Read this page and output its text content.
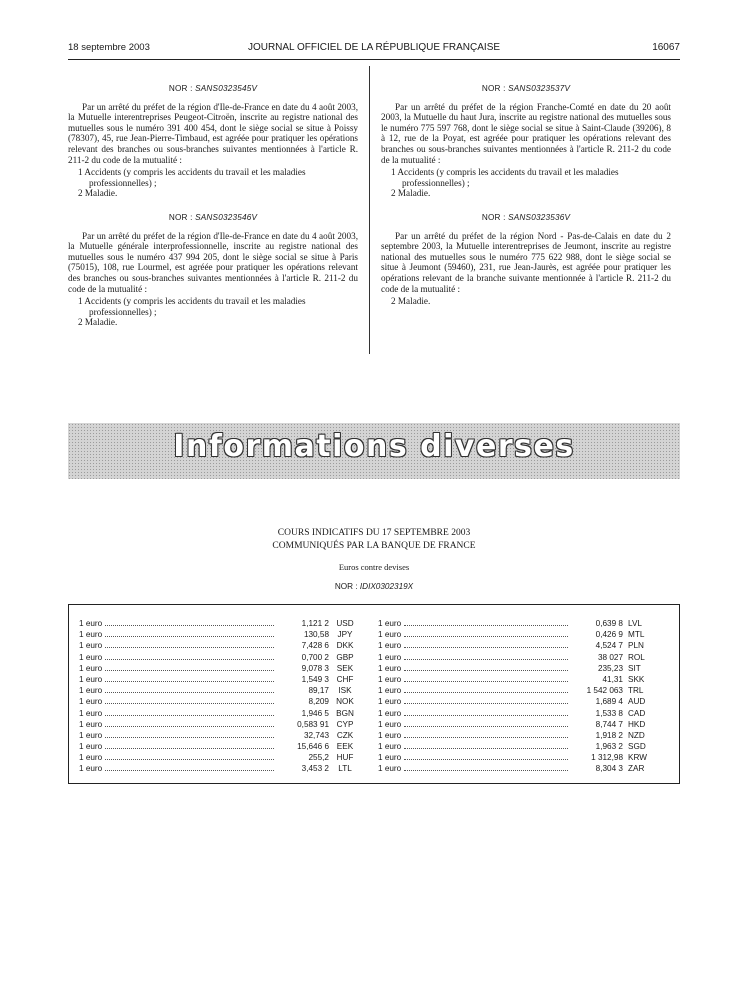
18 septembre 2003	JOURNAL OFFICIEL DE LA RÉPUBLIQUE FRANÇAISE	16067
NOR : SANS0323545V
Par un arrêté du préfet de la région d'Ile-de-France en date du 4 août 2003, la Mutuelle interentreprises Peugeot-Citroën, inscrite au registre national des mutuelles sous le numéro 391 400 454, dont le siège social se situe à Poissy (78307), 45, rue Jean-Pierre-Timbaud, est agréée pour pratiquer les opérations relevant des branches ou sous-branches suivantes mentionnées à l'article R. 211-2 du code de la mutualité :
1 Accidents (y compris les accidents du travail et les maladies
professionnelles) ;
2 Maladie.
NOR : SANS0323546V
Par un arrêté du préfet de la région d'Ile-de-France en date du 4 août 2003, la Mutuelle générale interprofessionnelle, inscrite au registre national des mutuelles sous le numéro 437 994 205, dont le siège social se situe à Paris (75015), 108, rue Lourmel, est agréée pour pratiquer les opérations relevant des branches ou sous-branches suivantes mentionnées à l'article R. 211-2 du code de la mutualité :
1 Accidents (y compris les accidents du travail et les maladies
professionnelles) ;
2 Maladie.
NOR : SANS0323537V
Par un arrêté du préfet de la région Franche-Comté en date du 20 août 2003, la Mutuelle du haut Jura, inscrite au registre national des mutuelles sous le numéro 775 597 768, dont le siège social se situe à Saint-Claude (39206), 8 à 12, rue de la Poyat, est agréée pour pratiquer les opérations relevant des branches ou sous-branches suivantes mentionnées à l'article R. 211-2 du code de la mutualité :
1 Accidents (y compris les accidents du travail et les maladies
professionnelles) ;
2 Maladie.
NOR : SANS0323536V
Par un arrêté du préfet de la région Nord - Pas-de-Calais en date du 2 septembre 2003, la Mutuelle interentreprises de Jeumont, inscrite au registre national des mutuelles sous le numéro 775 622 988, dont le siège social se situe à Jeumont (59460), 231, rue Jean-Jaurès, est agréée pour pratiquer les opérations relevant de la branche suivante mentionnée à l'article R. 211-2 du code de la mutualité :
2 Maladie.
Informations diverses
COURS INDICATIFS DU 17 SEPTEMBRE 2003
COMMUNIQUÉS PAR LA BANQUE DE FRANCE
Euros contre devises
NOR : IDIX0302319X
1 euro	1,121 2 USD
1 euro	130,58	JPY
1 euro	7,428 6 DKK
1 euro	0,700 2 GBP
1 euro	9,078 3 SEK
1 euro	1,549 3 CHF
1 euro	89,17	ISK
1 euro	8,209 NOK
1 euro	1,946 5 BGN
1 euro	0,583 91 CYP
1 euro	32,743 CZK
1 euro	15,646 6 EEK
1 euro	255,2 HUF
1 euro	3,453 2	LTL
1 euro	0,639 8 LVL
1 euro	0,426 9 MTL
1 euro	4,524 7 PLN
1 euro	38 027 ROL
1 euro	235,23 SIT
1 euro	41,31 SKK
1 euro	1 542 063 TRL
1 euro	1,689 4 AUD
1 euro	1,533 8 CAD
1 euro	8,744 7 HKD
1 euro	1,918 2 NZD
1 euro	1,963 2 SGD
1 euro	1 312,98 KRW
1 euro	8,304 3 ZAR
